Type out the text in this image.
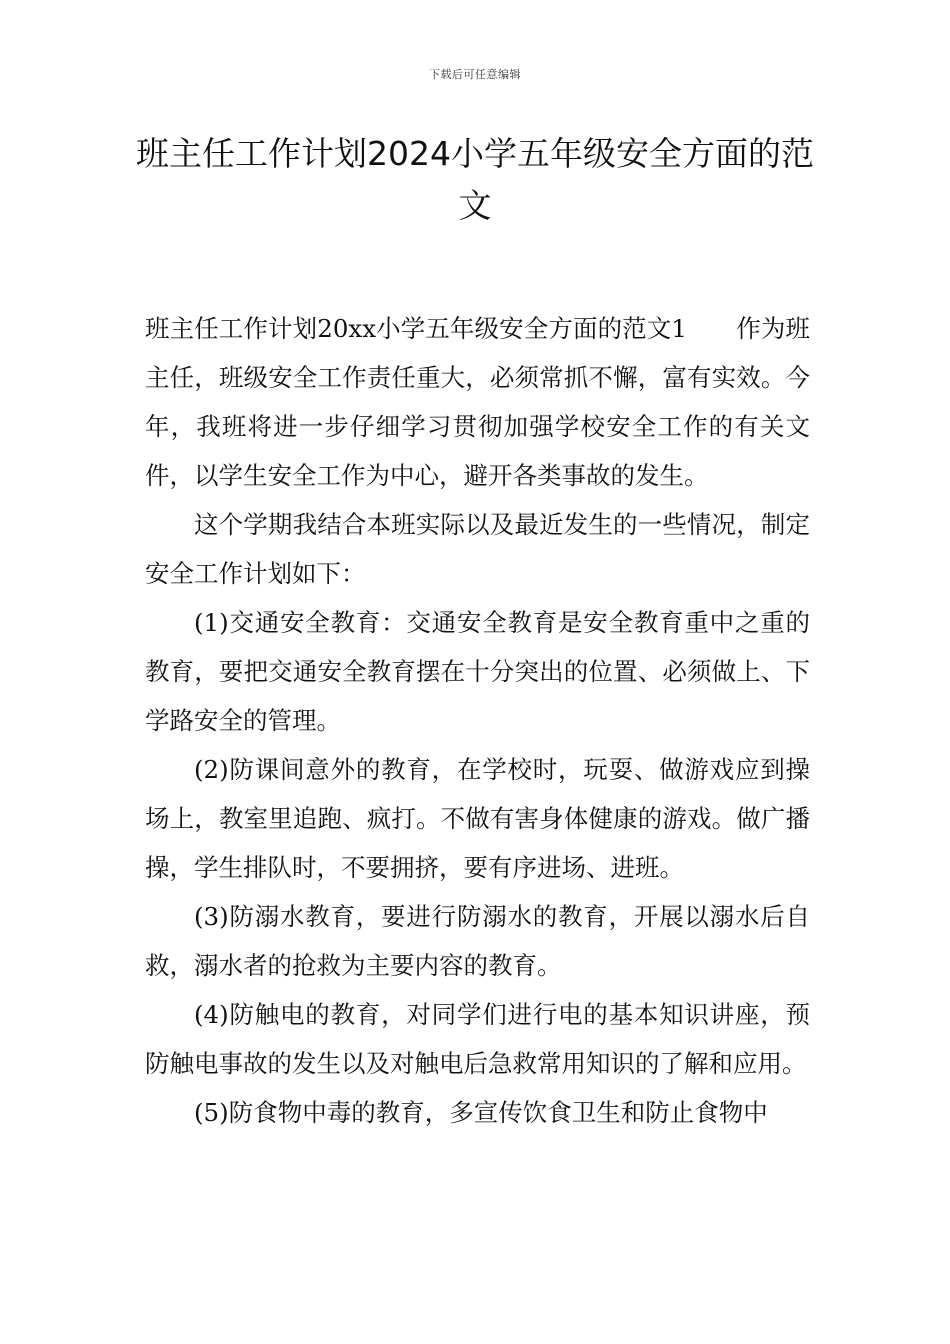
下载后可任意编辑
班主任工作计划2024小学五年级安全方面的范文

班主任工作计划20xx小学五年级安全方面的范文1　　作为班主任，班级安全工作责任重大，必须常抓不懈，富有实效。今年，我班将进一步仔细学习贯彻加强学校安全工作的有关文件，以学生安全工作为中心，避开各类事故的发生。

这个学期我结合本班实际以及最近发生的一些情况，制定安全工作计划如下：

(1)交通安全教育：交通安全教育是安全教育重中之重的教育，要把交通安全教育摆在十分突出的位置、必须做上、下学路安全的管理。

(2)防课间意外的教育，在学校时，玩耍、做游戏应到操场上，教室里追跑、疯打。不做有害身体健康的游戏。做广播操，学生排队时，不要拥挤，要有序进场、进班。

(3)防溺水教育，要进行防溺水的教育，开展以溺水后自救，溺水者的抢救为主要内容的教育。

(4)防触电的教育，对同学们进行电的基本知识讲座，预防触电事故的发生以及对触电后急救常用知识的了解和应用。

(5)防食物中毒的教育，多宣传饮食卫生和防止食物中
